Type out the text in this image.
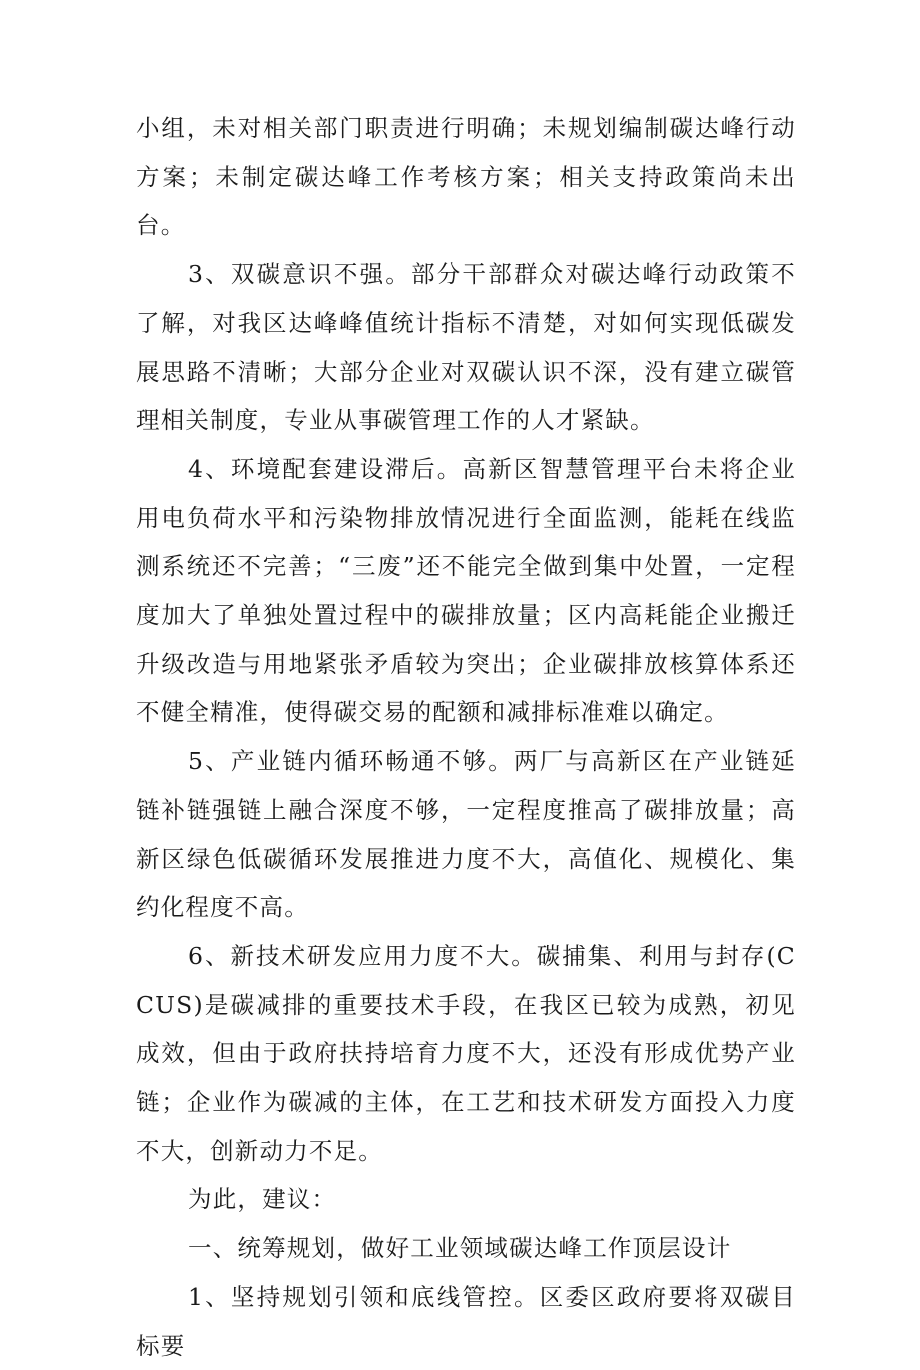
小组，未对相关部门职责进行明确；未规划编制碳达峰行动方案；未制定碳达峰工作考核方案；相关支持政策尚未出台。

3、双碳意识不强。部分干部群众对碳达峰行动政策不了解，对我区达峰峰值统计指标不清楚，对如何实现低碳发展思路不清晰；大部分企业对双碳认识不深，没有建立碳管理相关制度，专业从事碳管理工作的人才紧缺。

4、环境配套建设滞后。高新区智慧管理平台未将企业用电负荷水平和污染物排放情况进行全面监测，能耗在线监测系统还不完善；“三废”还不能完全做到集中处置，一定程度加大了单独处置过程中的碳排放量；区内高耗能企业搬迁升级改造与用地紧张矛盾较为突出；企业碳排放核算体系还不健全精准，使得碳交易的配额和减排标准难以确定。

5、产业链内循环畅通不够。两厂与高新区在产业链延链补链强链上融合深度不够，一定程度推高了碳排放量；高新区绿色低碳循环发展推进力度不大，高值化、规模化、集约化程度不高。

6、新技术研发应用力度不大。碳捕集、利用与封存(CCUS)是碳减排的重要技术手段，在我区已较为成熟，初见成效，但由于政府扶持培育力度不大，还没有形成优势产业链；企业作为碳减的主体，在工艺和技术研发方面投入力度不大，创新动力不足。

为此，建议：

一、统筹规划，做好工业领域碳达峰工作顶层设计

1、坚持规划引领和底线管控。区委区政府要将双碳目标要
